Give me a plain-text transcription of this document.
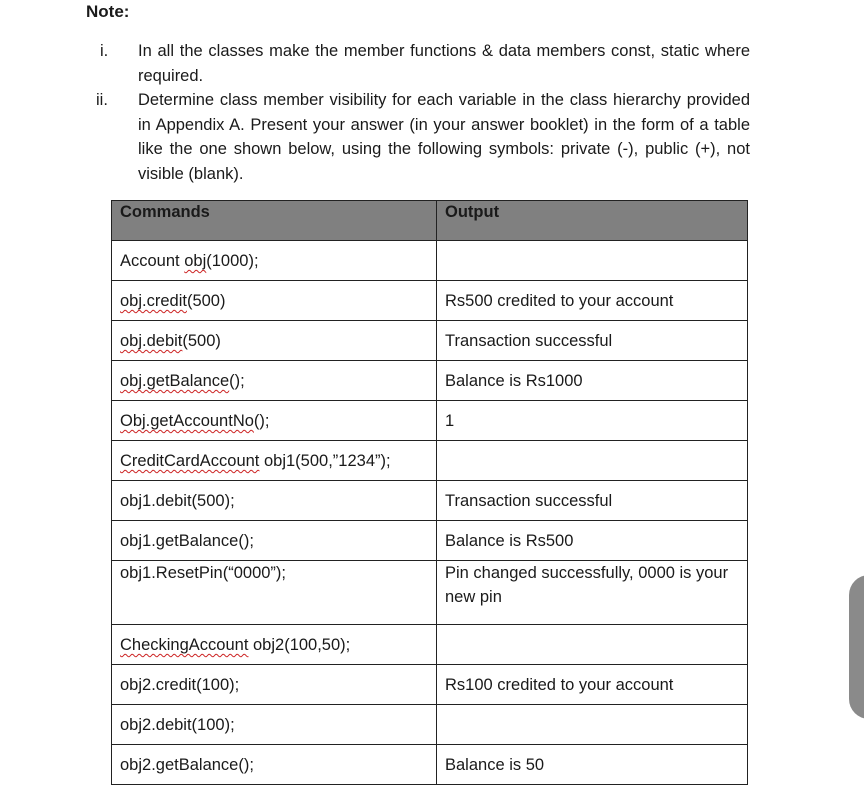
Note:
i.	In all the classes make the member functions & data members const, static where required.
ii.	Determine class member visibility for each variable in the class hierarchy provided in Appendix A. Present your answer (in your answer booklet) in the form of a table like the one shown below, using the following symbols: private (-), public (+), not visible (blank).
Commands	Output
Account obj(1000);	
obj.credit(500)	Rs500 credited to your account
obj.debit(500)	Transaction successful
obj.getBalance();	Balance is Rs1000
Obj.getAccountNo();	1
CreditCardAccount obj1(500,”1234”);	
obj1.debit(500);	Transaction successful
obj1.getBalance();	Balance is Rs500
obj1.ResetPin(“0000”);	Pin changed successfully, 0000 is your new pin
CheckingAccount obj2(100,50);	
obj2.credit(100);	Rs100 credited to your account
obj2.debit(100);	
obj2.getBalance();	Balance is 50
